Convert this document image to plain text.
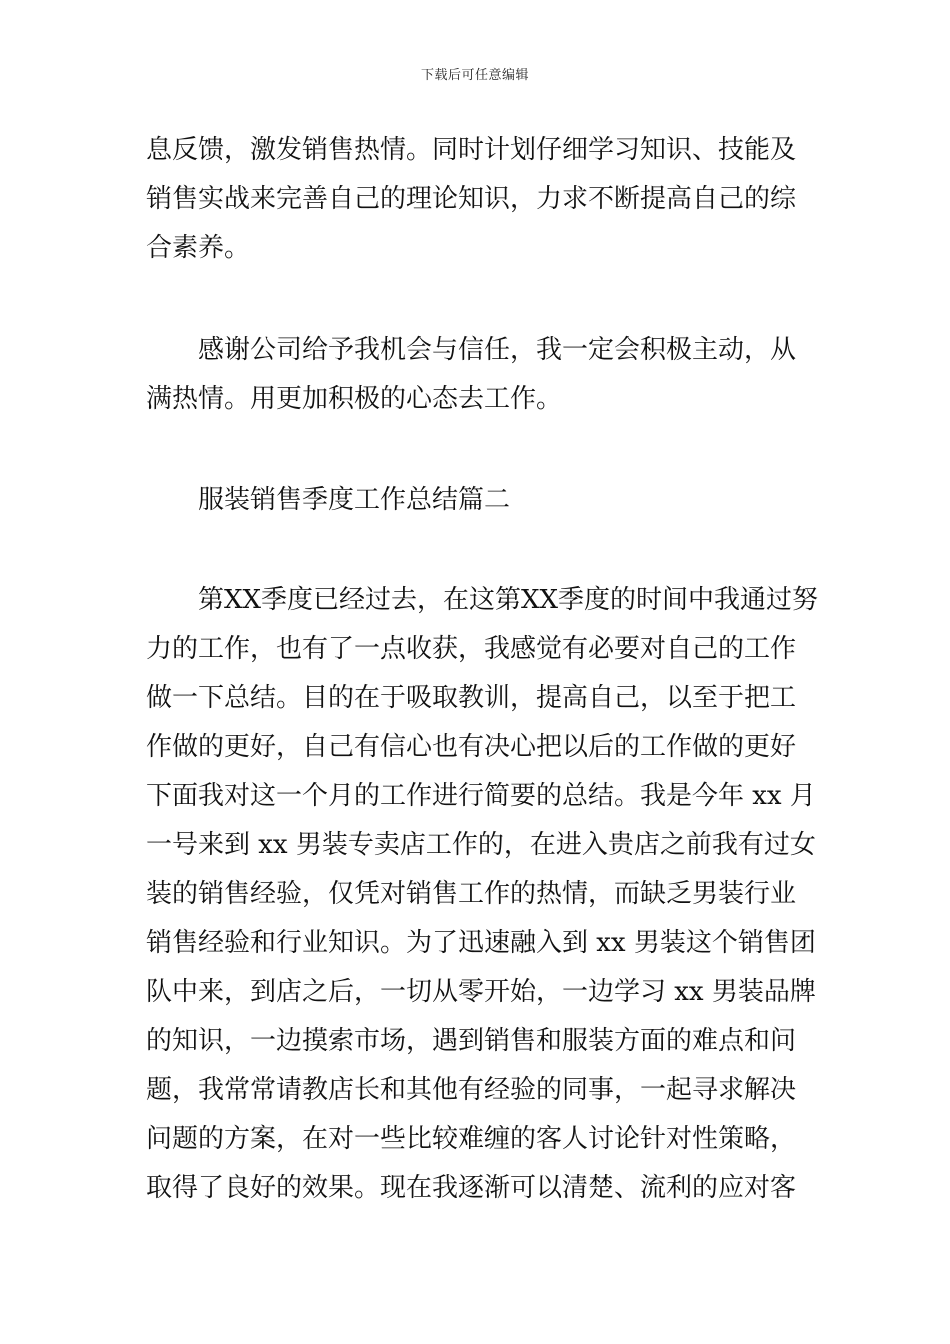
下载后可任意编辑
息反馈，激发销售热情。同时计划仔细学习知识、技能及
销售实战来完善自己的理论知识，力求不断提高自己的综
合素养。
感谢公司给予我机会与信任，我一定会积极主动，从
满热情。用更加积极的心态去工作。
服装销售季度工作总结篇二
第XX季度已经过去，在这第XX季度的时间中我通过努
力的工作，也有了一点收获，我感觉有必要对自己的工作
做一下总结。目的在于吸取教训，提高自己，以至于把工
作做的更好，自己有信心也有决心把以后的工作做的更好
下面我对这一个月的工作进行简要的总结。我是今年 xx 月
一号来到 xx 男装专卖店工作的，在进入贵店之前我有过女
装的销售经验，仅凭对销售工作的热情，而缺乏男装行业
销售经验和行业知识。为了迅速融入到 xx 男装这个销售团
队中来，到店之后，一切从零开始，一边学习 xx 男装品牌
的知识，一边摸索市场，遇到销售和服装方面的难点和问
题，我常常请教店长和其他有经验的同事，一起寻求解决
问题的方案，在对一些比较难缠的客人讨论针对性策略，
取得了良好的效果。现在我逐渐可以清楚、流利的应对客
